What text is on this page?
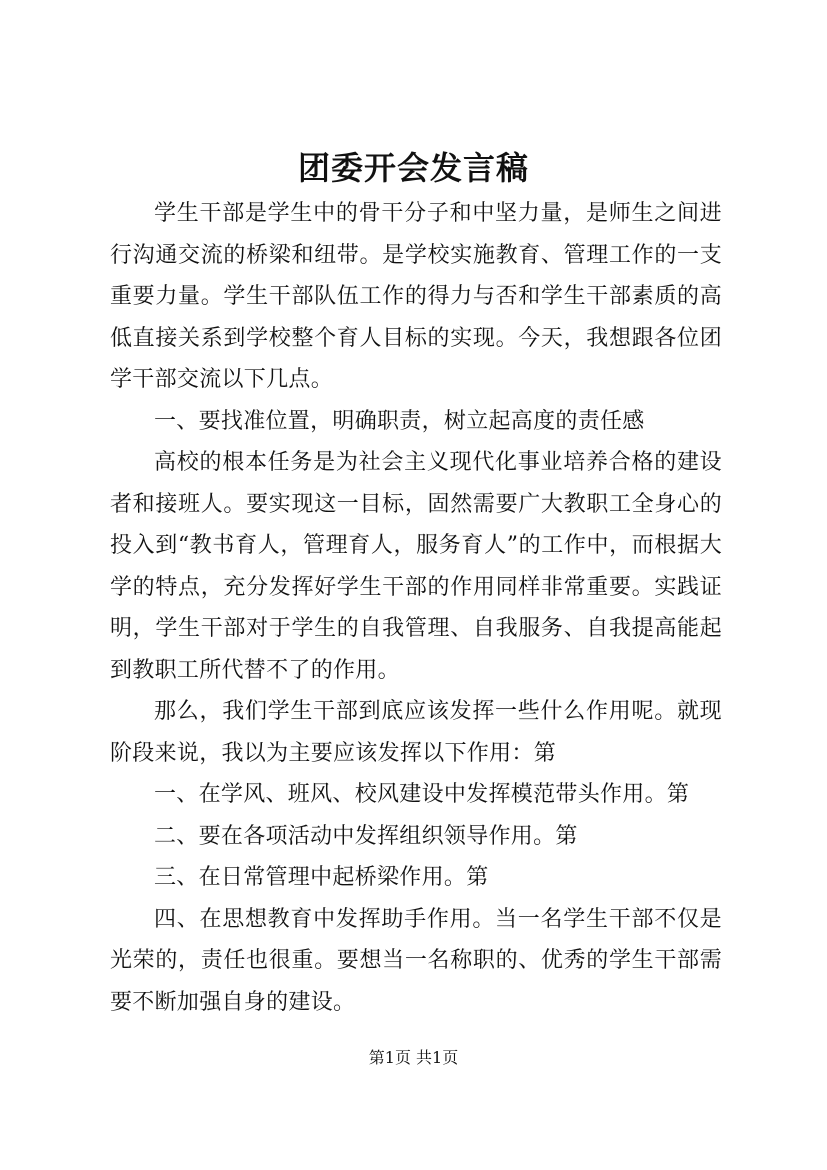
团委开会发言稿

学生干部是学生中的骨干分子和中坚力量，是师生之间进行沟通交流的桥梁和纽带。是学校实施教育、管理工作的一支重要力量。学生干部队伍工作的得力与否和学生干部素质的高低直接关系到学校整个育人目标的实现。今天，我想跟各位团学干部交流以下几点。

一、要找准位置，明确职责，树立起高度的责任感

高校的根本任务是为社会主义现代化事业培养合格的建设者和接班人。要实现这一目标，固然需要广大教职工全身心的投入到“教书育人，管理育人，服务育人”的工作中，而根据大学的特点，充分发挥好学生干部的作用同样非常重要。实践证明，学生干部对于学生的自我管理、自我服务、自我提高能起到教职工所代替不了的作用。

那么，我们学生干部到底应该发挥一些什么作用呢。就现阶段来说，我以为主要应该发挥以下作用：第

一、在学风、班风、校风建设中发挥模范带头作用。第

二、要在各项活动中发挥组织领导作用。第

三、在日常管理中起桥梁作用。第

四、在思想教育中发挥助手作用。当一名学生干部不仅是光荣的，责任也很重。要想当一名称职的、优秀的学生干部需要不断加强自身的建设。

第1页 共1页
